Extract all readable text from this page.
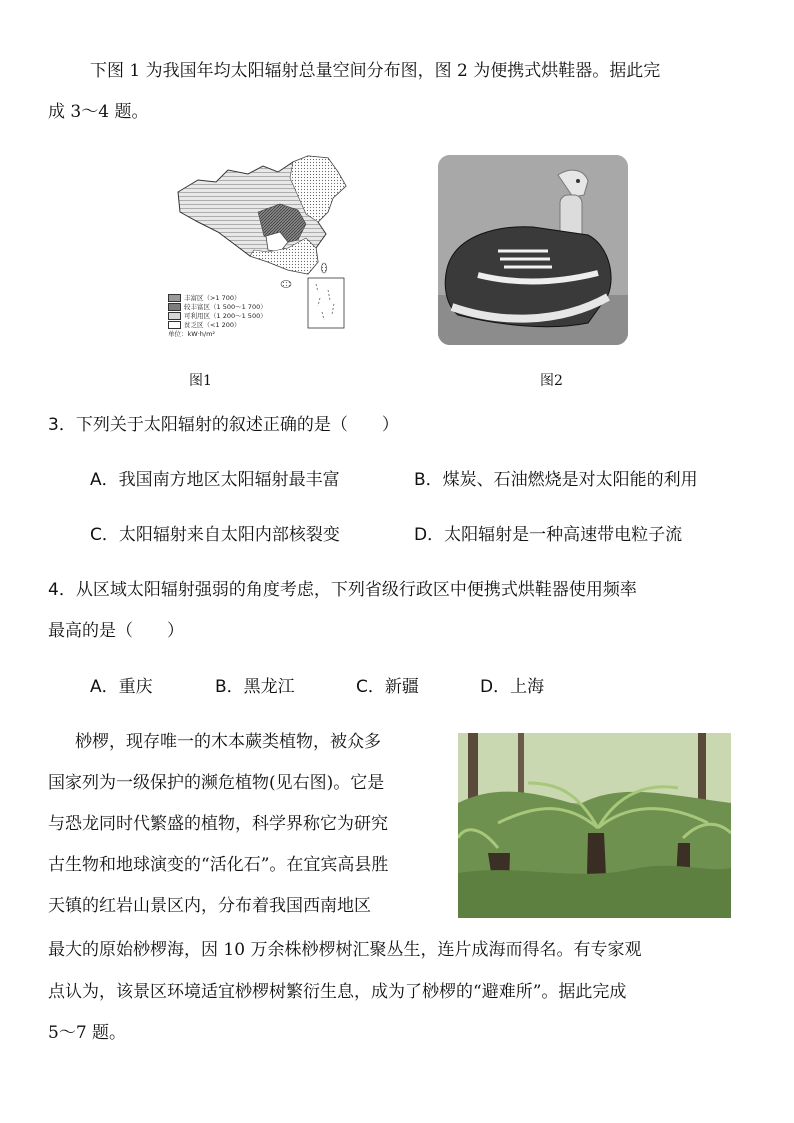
下图 1 为我国年均太阳辐射总量空间分布图，图 2 为便携式烘鞋器。据此完
成 3～4 题。
丰富区（>1 700）
较丰富区（1 500～1 700）
可利用区（1 200～1 500）
贫乏区（<1 200）
单位：kW·h/m²
图1	图2
3．下列关于太阳辐射的叙述正确的是（　　）
A．我国南方地区太阳辐射最丰富	B．煤炭、石油燃烧是对太阳能的利用
C．太阳辐射来自太阳内部核裂变	D．太阳辐射是一种高速带电粒子流
4．从区域太阳辐射强弱的角度考虑，下列省级行政区中便携式烘鞋器使用频率
最高的是（　　）
A．重庆	B．黑龙江	C．新疆	D．上海
桫椤，现存唯一的木本蕨类植物，被众多
国家列为一级保护的濒危植物(见右图)。它是
与恐龙同时代繁盛的植物，科学界称它为研究
古生物和地球演变的“活化石”。在宜宾高县胜
天镇的红岩山景区内，分布着我国西南地区
最大的原始桫椤海，因 10 万余株桫椤树汇聚丛生，连片成海而得名。有专家观
点认为，该景区环境适宜桫椤树繁衍生息，成为了桫椤的“避难所”。据此完成
5～7 题。
